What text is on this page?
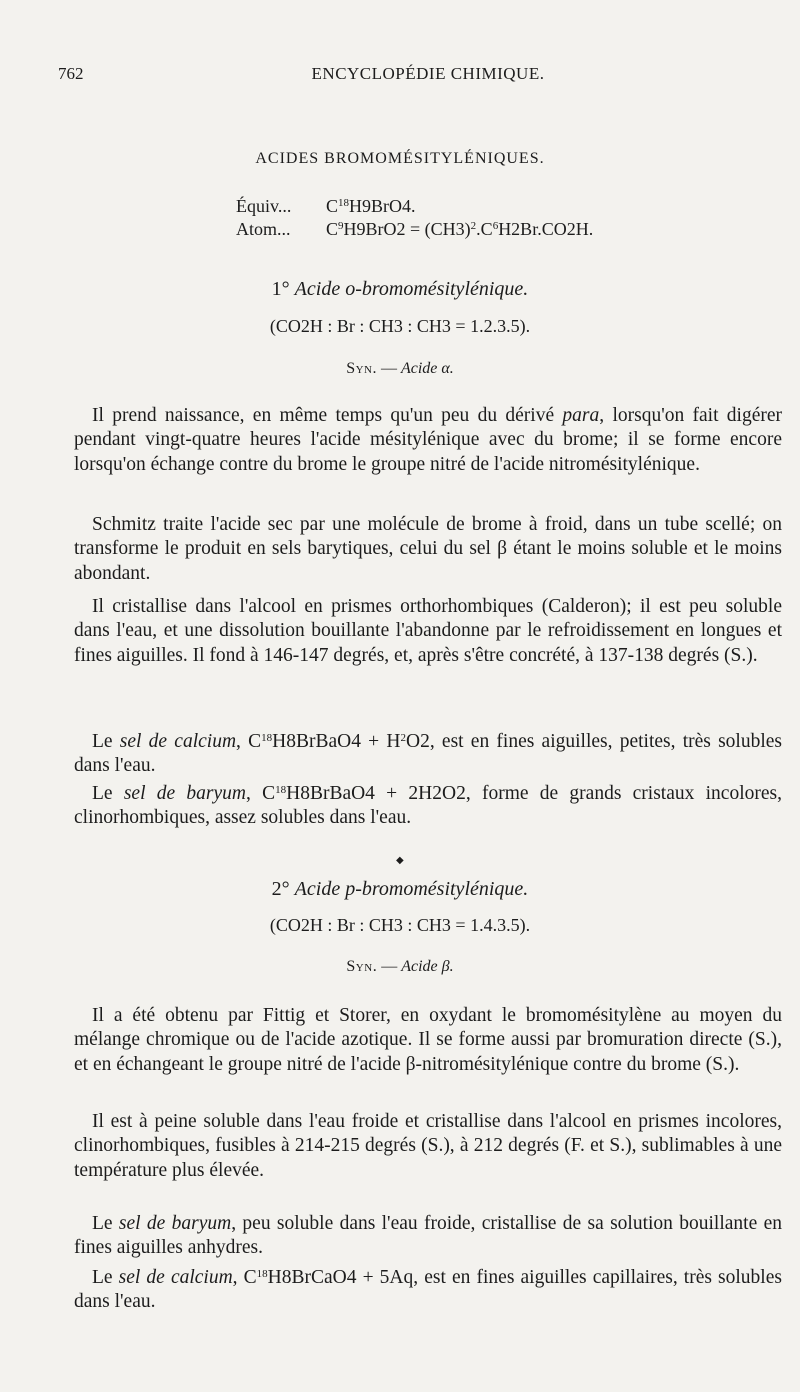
762	ENCYCLOPÉDIE CHIMIQUE.
ACIDES BROMOMÉSITYLÉNIQUES.
Équiv... $C^{18}H9BrO4$.
Atom... $C^9H9BrO2 = (CH3)^2.C^6H2Br.CO2H$.
1° Acide o-bromomésitylénique.
(CO2H : Br : CH3 : CH3 = 1.2.3.5).
Syn. — Acide α.

Il prend naissance, en même temps qu'un peu du dérivé para, lorsqu'on fait digérer pendant vingt-quatre heures l'acide mésitylénique avec du brome; il se forme encore lorsqu'on échange contre du brome le groupe nitré de l'acide nitromésitylénique.

Schmitz traite l'acide sec par une molécule de brome à froid, dans un tube scellé; on transforme le produit en sels barytiques, celui du sel β étant le moins soluble et le moins abondant.

Il cristallise dans l'alcool en prismes orthorhombiques (Calderon); il est peu soluble dans l'eau, et une dissolution bouillante l'abandonne par le refroidissement en longues et fines aiguilles. Il fond à 146-147 degrés, et, après s'être concrété, à 137-138 degrés (S.).

Le sel de calcium, $C^{18}H8BrBaO4 + H^2O2$, est en fines aiguilles, petites, très solubles dans l'eau.

Le sel de baryum, $C^{18}H8BrBaO4 + 2H2O2$, forme de grands cristaux incolores, clinorhombiques, assez solubles dans l'eau.

◆
2° Acide p-bromomésitylénique.
(CO2H : Br : CH3 : CH3 = 1.4.3.5).
Syn. — Acide β.

Il a été obtenu par Fittig et Storer, en oxydant le bromomésitylène au moyen du mélange chromique ou de l'acide azotique. Il se forme aussi par bromuration directe (S.), et en échangeant le groupe nitré de l'acide β-nitromésitylénique contre du brome (S.).

Il est à peine soluble dans l'eau froide et cristallise dans l'alcool en prismes incolores, clinorhombiques, fusibles à 214-215 degrés (S.), à 212 degrés (F. et S.), sublimables à une température plus élevée.

Le sel de baryum, peu soluble dans l'eau froide, cristallise de sa solution bouillante en fines aiguilles anhydres.

Le sel de calcium, $C^{18}H8BrCaO4 + 5Aq$, est en fines aiguilles capillaires, très solubles dans l'eau.
